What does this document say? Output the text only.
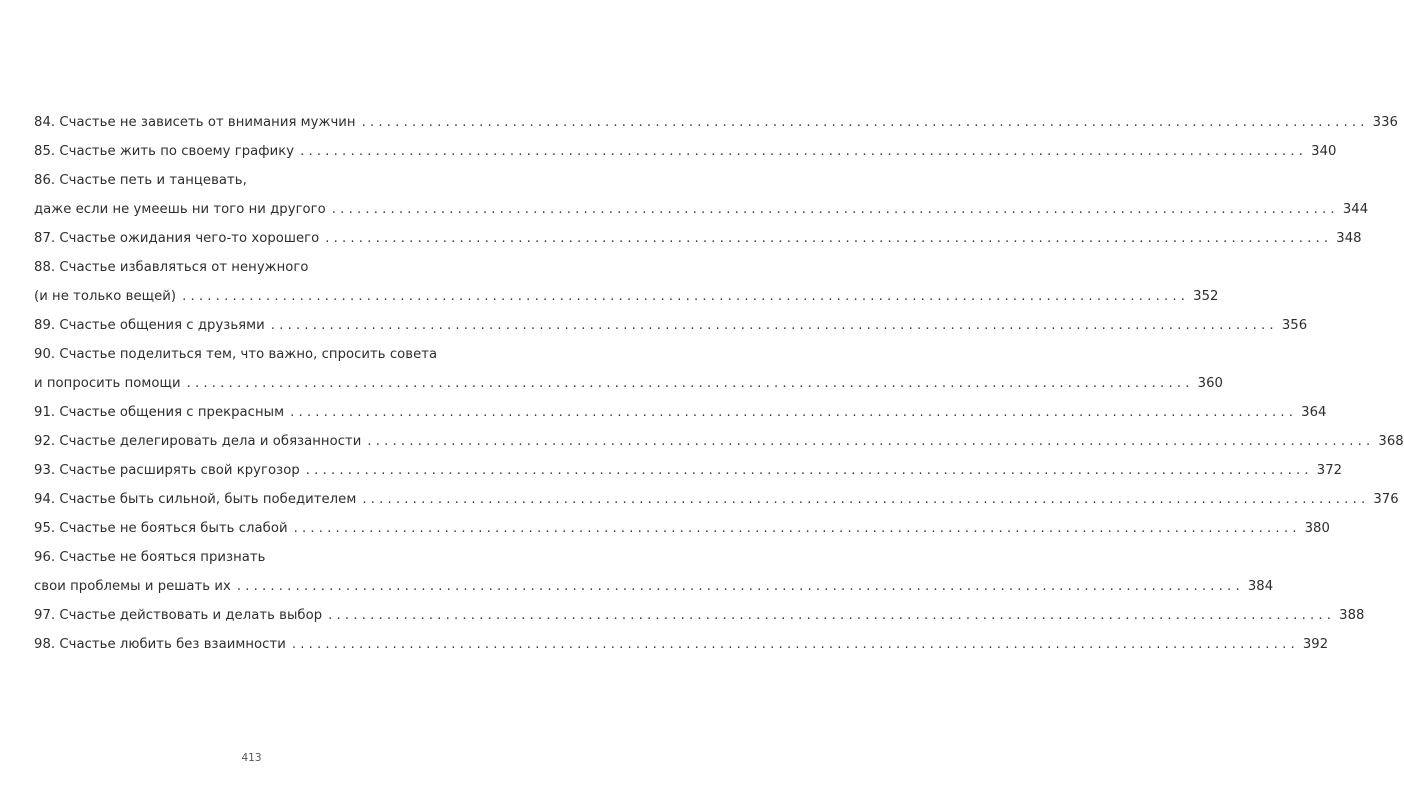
84. Счастье не зависеть от внимания мужчин ........................................................................................................................ 336
85. Счастье жить по своему графику ........................................................................................................................ 340
86. Счастье петь и танцевать,
даже если не умеешь ни того ни другого ........................................................................................................................ 344
87. Счастье ожидания чего-то хорошего ........................................................................................................................ 348
88. Счастье избавляться от ненужного
(и не только вещей) ........................................................................................................................ 352
89. Счастье общения с друзьями ........................................................................................................................ 356
90. Счастье поделиться тем, что важно, спросить совета
и попросить помощи ........................................................................................................................ 360
91. Счастье общения с прекрасным ........................................................................................................................ 364
92. Счастье делегировать дела и обязанности ........................................................................................................................ 368
93. Счастье расширять свой кругозор ........................................................................................................................ 372
94. Счастье быть сильной, быть победителем ........................................................................................................................ 376
95. Счастье не бояться быть слабой ........................................................................................................................ 380
96. Счастье не бояться признать
свои проблемы и решать их ........................................................................................................................ 384
97. Счастье действовать и делать выбор ........................................................................................................................ 388
98. Счастье любить без взаимности ........................................................................................................................ 392
413
